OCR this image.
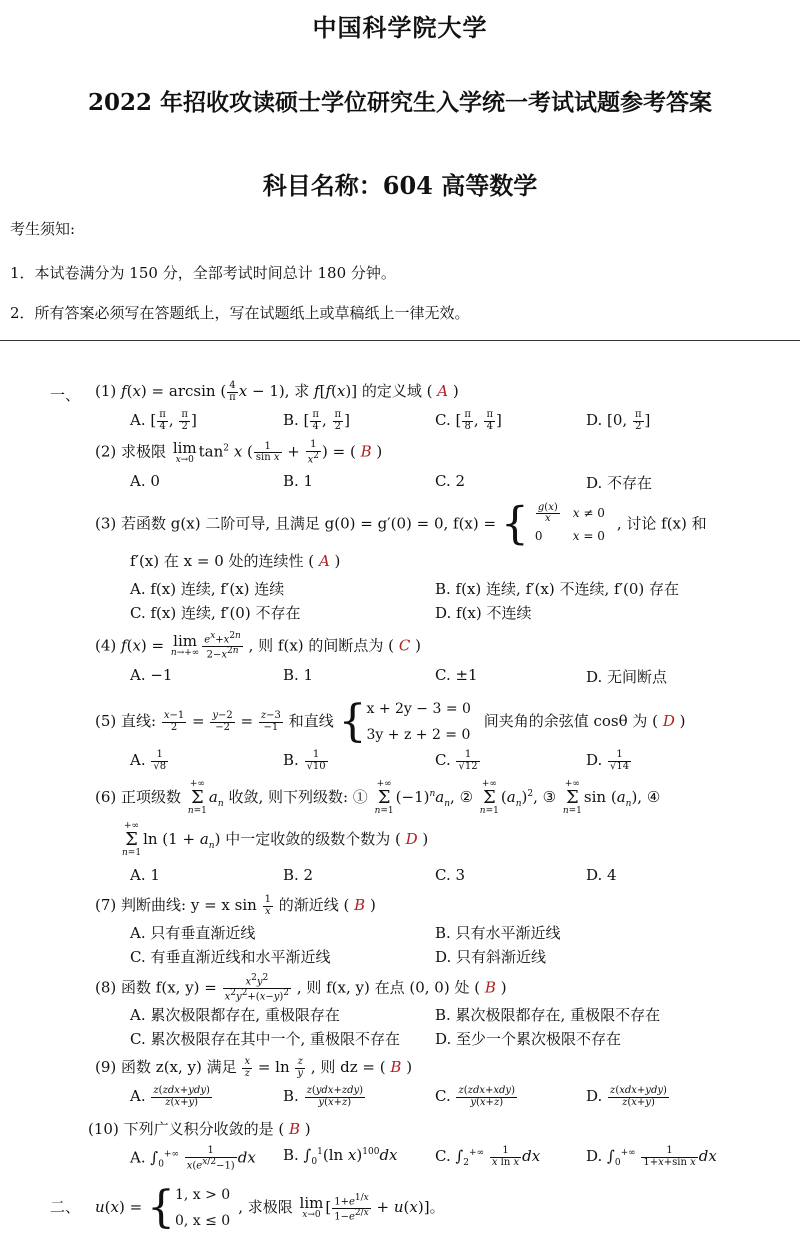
中国科学院大学
2022 年招收攻读硕士学位研究生入学统一考试试题参考答案
科目名称：604 高等数学
考生须知:
1．本试卷满分为 150 分，全部考试时间总计 180 分钟。
2．所有答案必须写在答题纸上，写在试题纸上或草稿纸上一律无效。
一、 (1) f(x) = arcsin ( $\frac{4}{\pi}$ x − 1), 求 f[f(x)] 的定义域 ( A )
A. [ $\frac{\pi}{4}$ , $\frac{\pi}{2}$ ]	B. [ $\frac{\pi}{4}$ , $\frac{\pi}{2}$ ]	C. [ $\frac{\pi}{8}$ , $\frac{\pi}{4}$ ]	D. [0, $\frac{\pi}{2}$ ]
(2) 求极限 lim
x→0 $\tan^2 x$ ( $\frac{1}{\text{sin x}} + \frac{1}{x^2}$ ) = ( B )
A. 0	B. 1	C. 2	D. 不存在
(3) 若函数 g(x) 二阶可导, 且满足 g(0) = g′(0) = 0, f(x) = { $\frac{g(x)}{x}$	x ≠ 0
0	x = 0, 讨论 f(x) 和
f′(x) 在 x = 0 处的连续性 ( A )
A. f(x) 连续, f′(x) 连续	B. f(x) 连续, f′(x) 不连续, f′(0) 存在
C. f(x) 连续, f′(0) 不存在	D. f(x) 不连续
(4) f(x) = lim
$n\to+\infty \frac{e^x+x^{2n}}{2-x^{2n}}$ , 则 f(x) 的间断点为 ( C )
A. −1	B. 1	C. ±1	D. 无间断点
(5) 直线: $\frac{x-1}{2} = \frac{y-2}{-2} = \frac{z-3}{-1}$ 和直线 { x + 2y − 3 = 0
3y + z + 2 = 0
间夹角的余弦值 cosθ 为 ( D )
A. $\frac{1}{√8}$	B. $\frac{1}{√10}$	C. $\frac{1}{√12}$	D. $\frac{1}{√14}$
(6) 正项级数 +∞
Σ
$n=1a_n$ 收敛, 则下列级数: ① +∞
Σ
$n=1(-1)^na_n$, ② +∞
Σ
$n=1(a_n)^2$, ③ +∞
Σ
n=1sin $(a_n)$, ④
+∞
Σ
n=1ln $(1 + a_n)$ 中一定收敛的级数个数为 ( D )
A. 1	B. 2	C. 3	D. 4
(7) 判断曲线: y = x $\sin \frac{1}{x}$ 的渐近线 ( B )
A. 只有垂直渐近线	B. 只有水平渐近线
C. 有垂直渐近线和水平渐近线	D. 只有斜渐近线
(8) 函数 f(x, $y) = \frac{x^2y^2}{x^2y^2+(x-y)^2}$ , 则 f(x, y) 在点 (0, 0) 处 ( B )
A. 累次极限都存在, 重极限存在	B. 累次极限都存在, 重极限不存在
C. 累次极限存在其中一个, 重极限不存在 D. 至少一个累次极限不存在
(9) 函数 z(x, y) 满足 $\frac{x}{z} = \ln \frac{z}{y}$ , 则 dz = ( B )
A. $\frac{\text{z(zdx+ydy)}}{z(x+y)}$	B. $\frac{\text{z(ydx+zdy)}}{y(x+z)}$	C. $\frac{\text{z(zdx+xdy)}}{y(x+z)}$	D. $\frac{\text{z(xdx+ydy)}}{z(x+y)}$
(10) 下列广义积分收敛的是 ( B )
A. $\int_0^{+\infty} \frac{1}{x(e^{x/2}-1)}$ dx B. $\int_0^1(\ln$ x)$^{100}$dx	C. $\int_2^{+\infty} \frac{1}{\text{x ln x}}$ dx	D. $\int_0^{+\infty} \frac{1}{\text{1+x+sin x}}$ dx
二、 u(x) = { 1, x > 0
0, x ≤ 0
, 求极限 lim
x→0 [ $\frac{1+e^{1/x}}{1-e^{2/x}} + u(x)$]。
